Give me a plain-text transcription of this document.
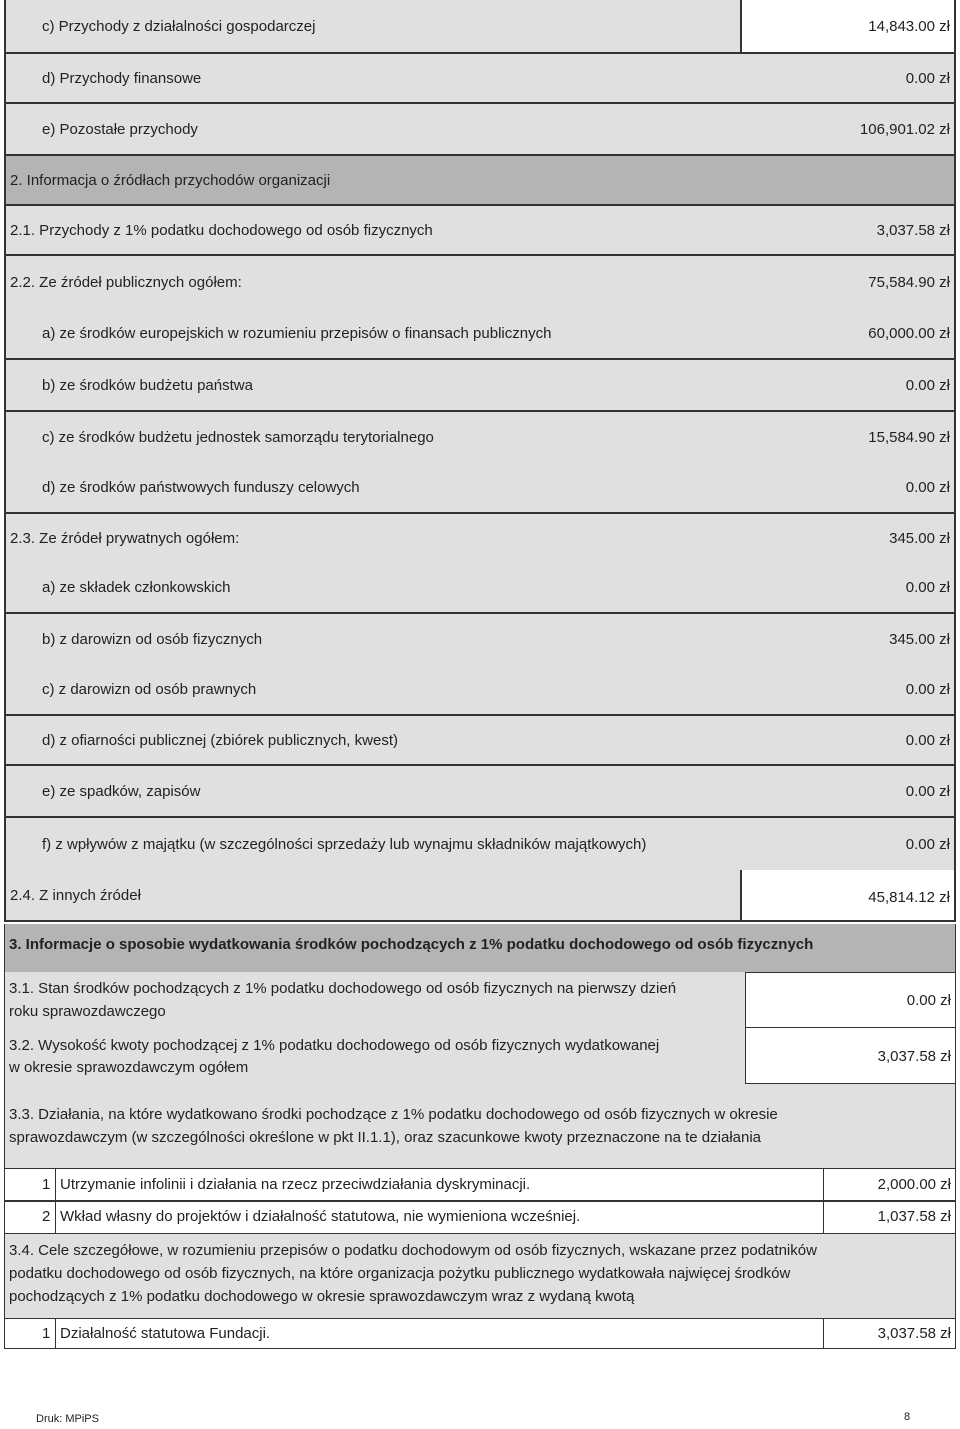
c) Przychody z działalności gospodarczej	14,843.00 zł
d) Przychody finansowe	0.00 zł
e) Pozostałe przychody	106,901.02 zł
2. Informacja o źródłach przychodów organizacji
2.1. Przychody z 1% podatku dochodowego od osób fizycznych	3,037.58 zł
2.2. Ze źródeł publicznych ogółem:	75,584.90 zł
a) ze środków europejskich w rozumieniu przepisów o finansach publicznych	60,000.00 zł
b) ze środków budżetu państwa	0.00 zł
c) ze środków budżetu jednostek samorządu terytorialnego	15,584.90 zł
d) ze środków państwowych funduszy celowych	0.00 zł
2.3. Ze źródeł prywatnych ogółem:	345.00 zł
a) ze składek członkowskich	0.00 zł
b) z darowizn od osób fizycznych	345.00 zł
c) z darowizn od osób prawnych	0.00 zł
d) z ofiarności publicznej (zbiórek publicznych, kwest)	0.00 zł
e) ze spadków, zapisów	0.00 zł
f) z wpływów z majątku (w szczególności sprzedaży lub wynajmu składników majątkowych)	0.00 zł
2.4. Z innych źródeł	45,814.12 zł
3. Informacje o sposobie wydatkowania środków pochodzących z 1% podatku dochodowego od osób fizycznych
3.1. Stan środków pochodzących z 1% podatku dochodowego od osób fizycznych na pierwszy dzień
roku sprawozdawczego
0.00 zł
3.2. Wysokość kwoty pochodzącej z 1% podatku dochodowego od osób fizycznych wydatkowanej
w okresie sprawozdawczym ogółem
3,037.58 zł
3.3. Działania, na które wydatkowano środki pochodzące z 1% podatku dochodowego od osób fizycznych w okresie
sprawozdawczym (w szczególności określone w pkt II.1.1), oraz szacunkowe kwoty przeznaczone na te działania
1 Utrzymanie infolinii i działania na rzecz przeciwdziałania dyskryminacji.	2,000.00 zł
2 Wkład własny do projektów i działalność statutowa, nie wymieniona wcześniej.	1,037.58 zł
3.4. Cele szczegółowe, w rozumieniu przepisów o podatku dochodowym od osób fizycznych, wskazane przez podatników
podatku dochodowego od osób fizycznych, na które organizacja pożytku publicznego wydatkowała najwięcej środków
pochodzących z 1% podatku dochodowego w okresie sprawozdawczym wraz z wydaną kwotą
1 Działalność statutowa Fundacji.	3,037.58 zł
Druk: MPiPS	8
